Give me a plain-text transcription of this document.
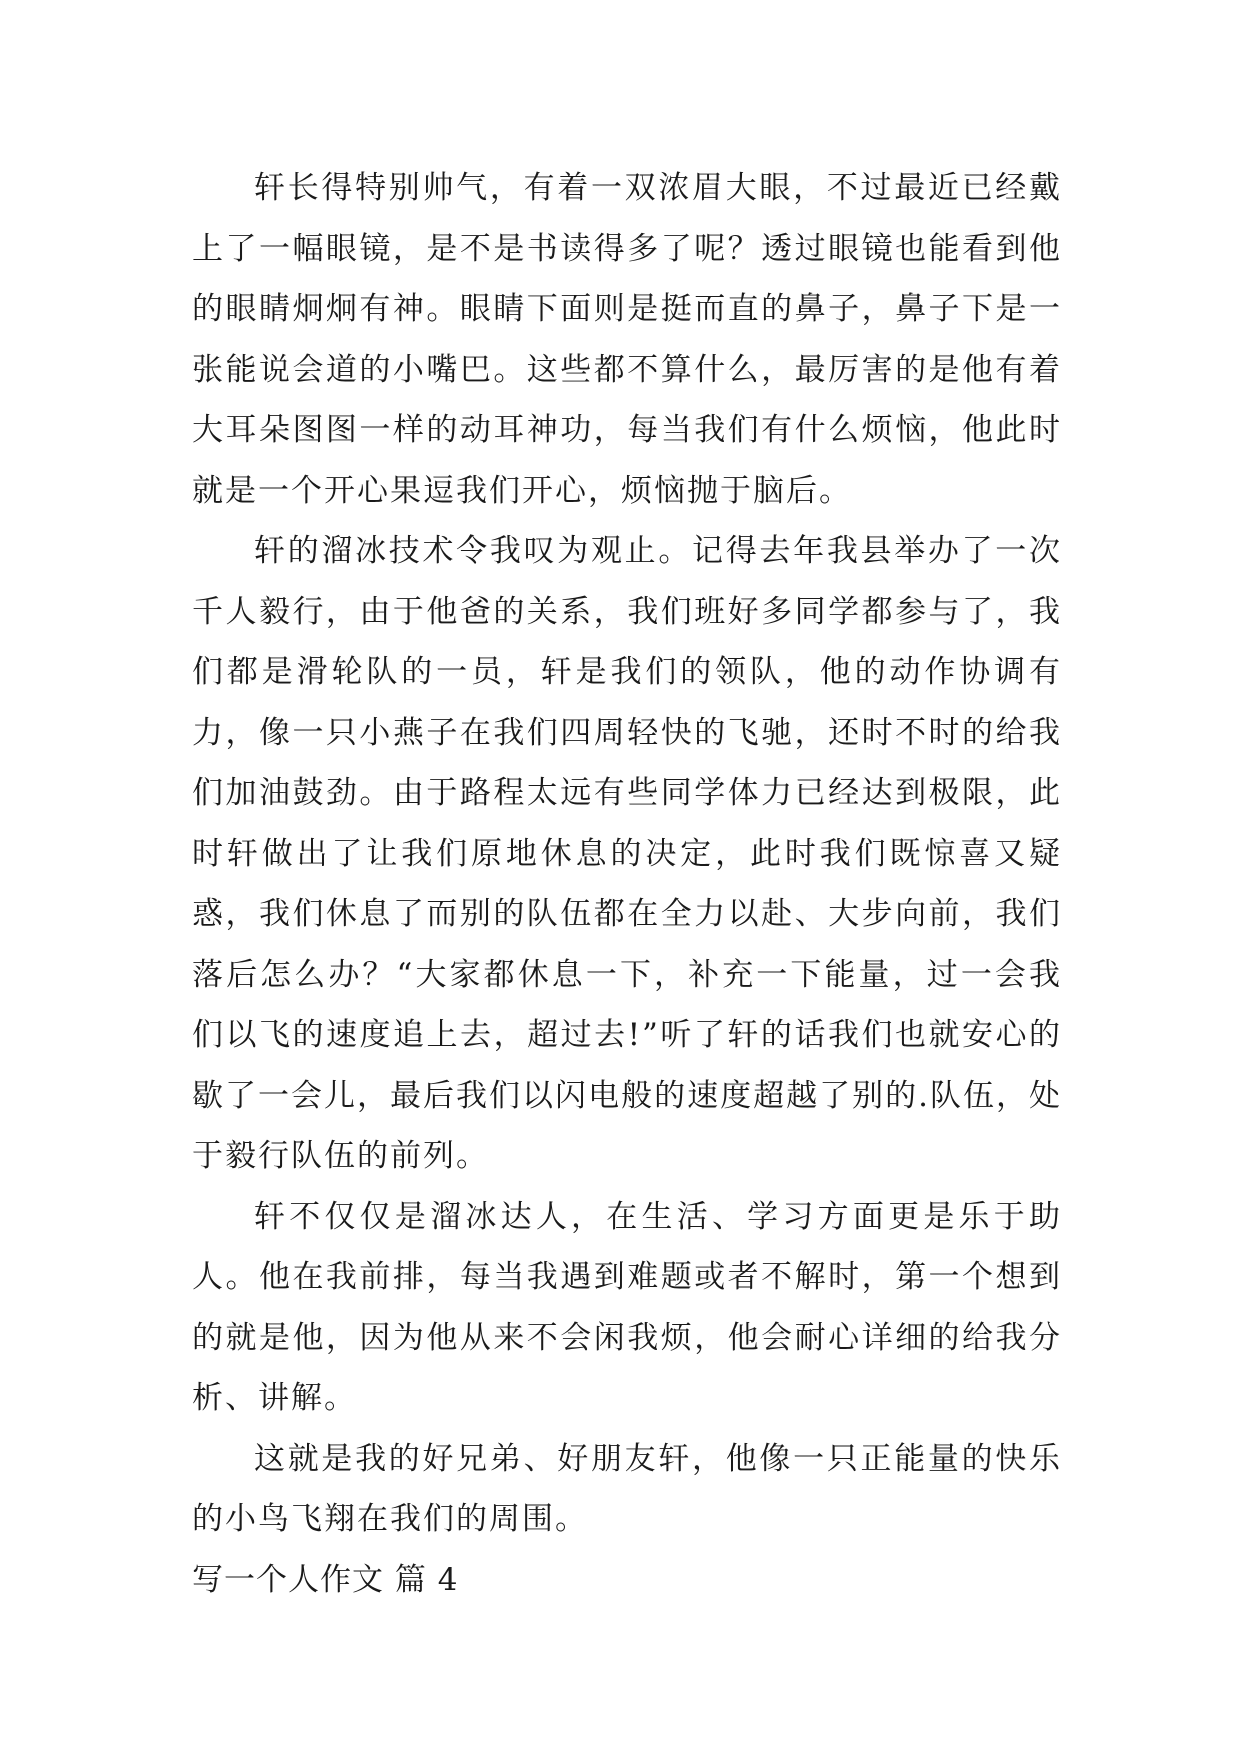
轩长得特别帅气，有着一双浓眉大眼，不过最近已经戴上了一幅眼镜，是不是书读得多了呢？透过眼镜也能看到他的眼睛炯炯有神。眼睛下面则是挺而直的鼻子，鼻子下是一张能说会道的小嘴巴。这些都不算什么，最厉害的是他有着大耳朵图图一样的动耳神功，每当我们有什么烦恼，他此时就是一个开心果逗我们开心，烦恼抛于脑后。

轩的溜冰技术令我叹为观止。记得去年我县举办了一次千人毅行，由于他爸的关系，我们班好多同学都参与了，我们都是滑轮队的一员，轩是我们的领队，他的动作协调有力，像一只小燕子在我们四周轻快的飞驰，还时不时的给我们加油鼓劲。由于路程太远有些同学体力已经达到极限，此时轩做出了让我们原地休息的决定，此时我们既惊喜又疑惑，我们休息了而别的队伍都在全力以赴、大步向前，我们落后怎么办？“大家都休息一下，补充一下能量，过一会我们以飞的速度追上去，超过去!”听了轩的话我们也就安心的歇了一会儿，最后我们以闪电般的速度超越了别的.队伍，处于毅行队伍的前列。

轩不仅仅是溜冰达人，在生活、学习方面更是乐于助人。他在我前排，每当我遇到难题或者不解时，第一个想到的就是他，因为他从来不会闲我烦，他会耐心详细的给我分析、讲解。

这就是我的好兄弟、好朋友轩，他像一只正能量的快乐的小鸟飞翔在我们的周围。

写一个人作文 篇 4
